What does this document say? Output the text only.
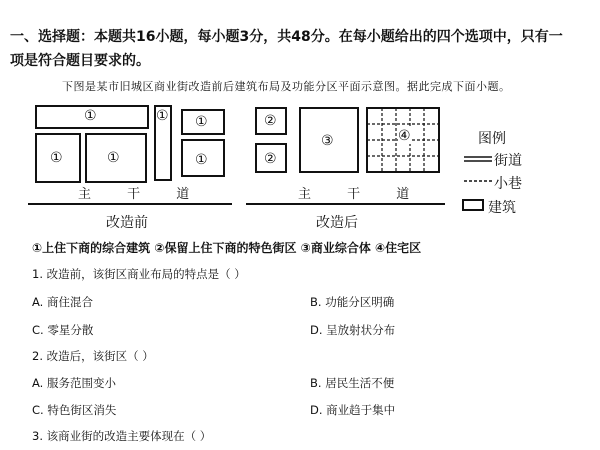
一、选择题：本题共16小题，每小题3分，共48分。在每小题给出的四个选项中，只有一
项是符合题目要求的。
下图是某市旧城区商业街改造前后建筑布局及功能分区平面示意图。据此完成下面小题。
①	① ①
①	①	①
主 干 道
改造前
②
②
③	④
主 干 道
改造后
图例
街道
小巷
建筑
①上住下商的综合建筑 ②保留上住下商的特色街区 ③商业综合体 ④住宅区
1. 改造前，该街区商业布局的特点是（ ）
A. 商住混合	B. 功能分区明确
C. 零星分散	D. 呈放射状分布
2. 改造后，该街区（ ）
A. 服务范围变小	B. 居民生活不便
C. 特色街区消失	D. 商业趋于集中
3. 该商业街的改造主要体现在（ ）
